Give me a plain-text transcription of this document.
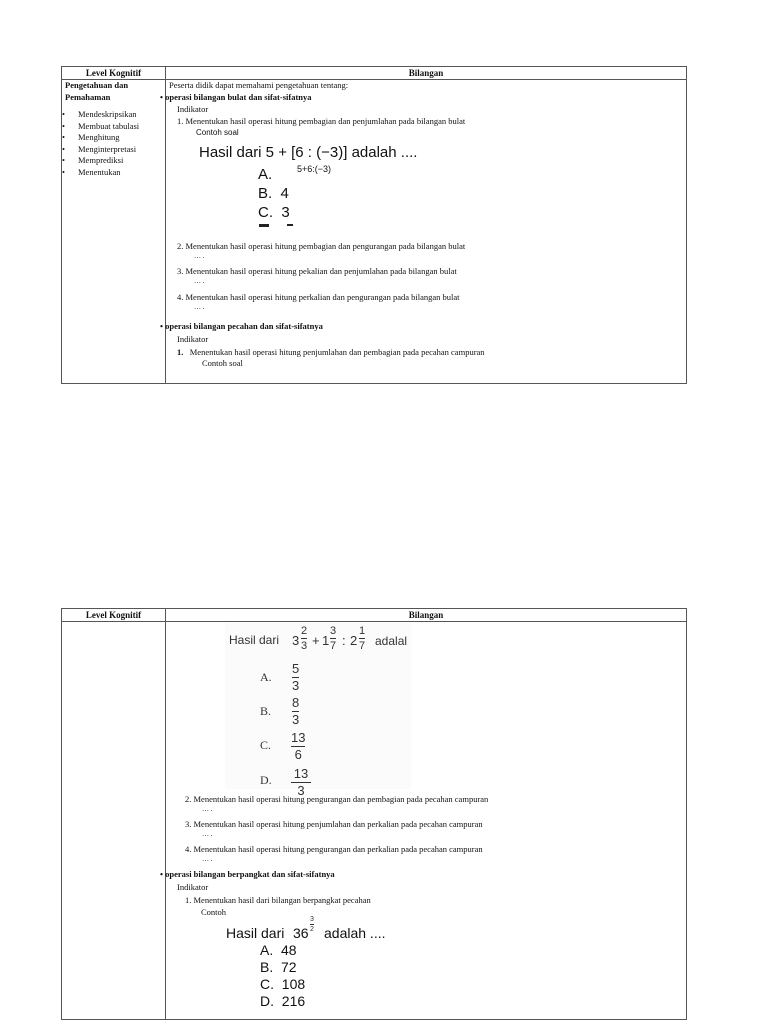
Level Kognitif	Bilangan
Pengetahuan dan
Pemahaman
• Mendeskripsikan
• Membuat tabulasi
• Menghitung
• Menginterpretasi
• Memprediksi
• Menentukan
Peserta didik dapat memahami pengetahuan tentang:
• operasi bilangan bulat dan sifat-sifatnya
Indikator
1. Menentukan hasil operasi hitung pembagian dan penjumlahan pada bilangan bulat
Contoh soal
Hasil dari 5 + [6 : (−3)] adalah ....
5+6:(−3)
A.
B. 4
C. 3
2. Menentukan hasil operasi hitung pembagian dan pengurangan pada bilangan bulat
… .
3. Menentukan hasil operasi hitung pekalian dan penjumlahan pada bilangan bulat
… .
4. Menentukan hasil operasi hitung perkalian dan pengurangan pada bilangan bulat
… .
• operasi bilangan pecahan dan sifat-sifatnya
Indikator
1. Menentukan hasil operasi hitung penjumlahan dan pembagian pada pecahan campuran
Contoh soal
Level Kognitif	Bilangan
Hasil dari 3
2
3 + 1
3
7 : 2
1
7 adalal
A.
5
3
B.
8
3
C. 13
6
D. 13
3
2. Menentukan hasil operasi hitung pengurangan dan pembagian pada pecahan campuran
… .
3. Menentukan hasil operasi hitung penjumlahan dan perkalian pada pecahan campuran
… .
4. Menentukan hasil operasi hitung pengurangan dan perkalian pada pecahan campuran
… .
• operasi bilangan berpangkat dan sifat-sifatnya
Indikator
1. Menentukan hasil dari bilangan berpangkat pecahan
Contoh
Hasil dari 36
3
2 adalah ....
A. 48
B. 72
C. 108
D. 216
